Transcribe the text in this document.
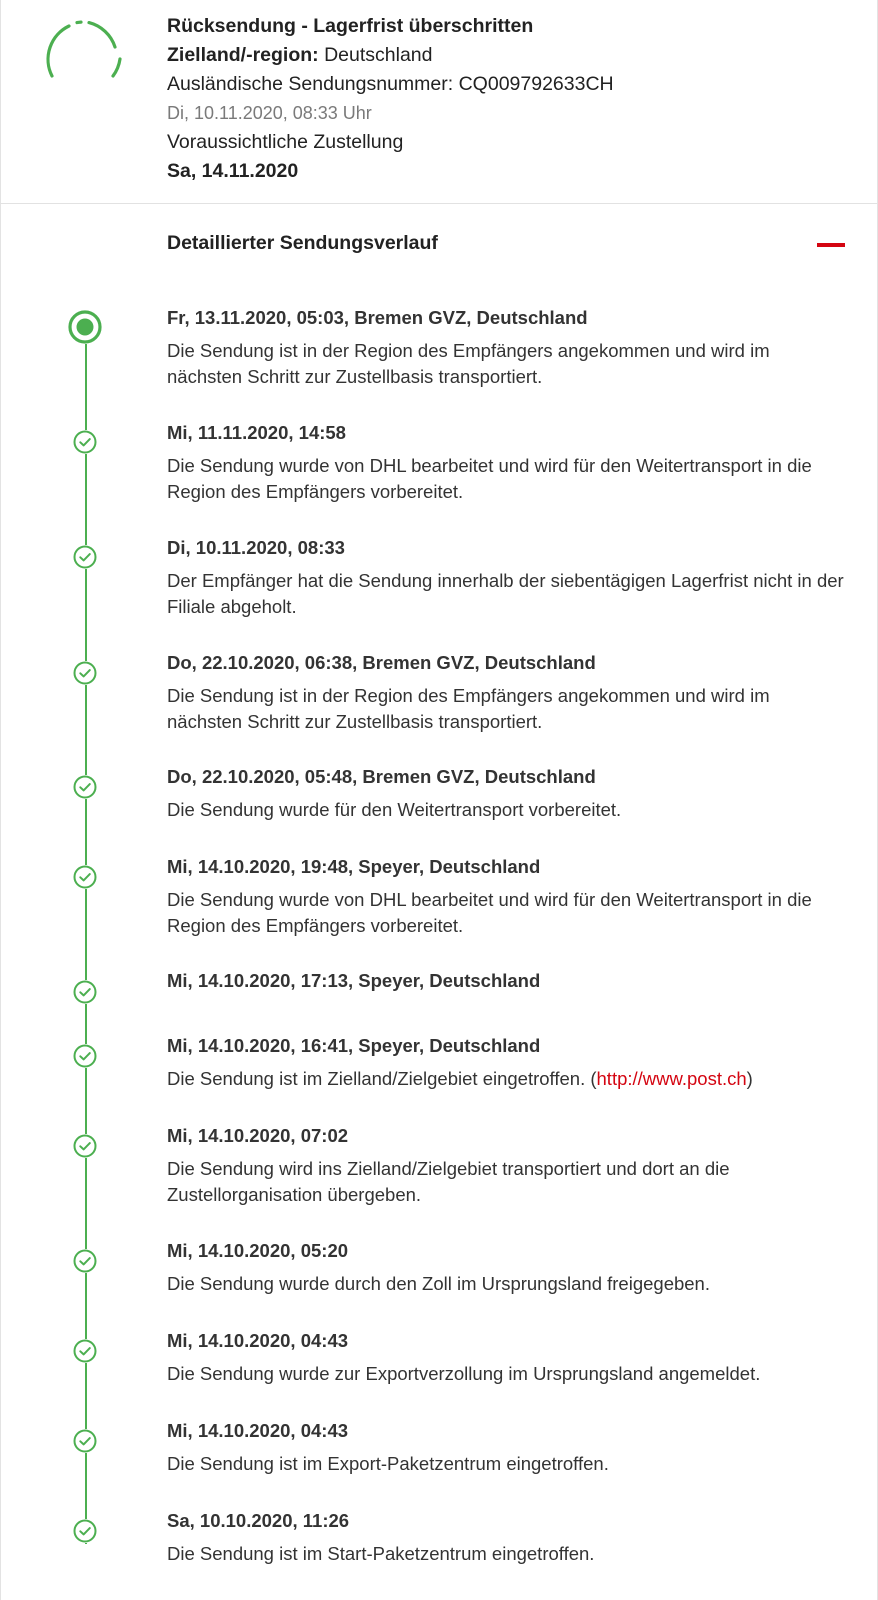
Rücksendung - Lagerfrist überschritten
Zielland/-region: Deutschland
Ausländische Sendungsnummer: CQ009792633CH
Di, 10.11.2020, 08:33 Uhr
Voraussichtliche Zustellung
Sa, 14.11.2020
Detaillierter Sendungsverlauf
Fr, 13.11.2020, 05:03, Bremen GVZ, Deutschland
Die Sendung ist in der Region des Empfängers angekommen und wird im nächsten Schritt zur Zustellbasis transportiert.
Mi, 11.11.2020, 14:58
Die Sendung wurde von DHL bearbeitet und wird für den Weitertransport in die Region des Empfängers vorbereitet.
Di, 10.11.2020, 08:33
Der Empfänger hat die Sendung innerhalb der siebentägigen Lagerfrist nicht in der Filiale abgeholt.
Do, 22.10.2020, 06:38, Bremen GVZ, Deutschland
Die Sendung ist in der Region des Empfängers angekommen und wird im nächsten Schritt zur Zustellbasis transportiert.
Do, 22.10.2020, 05:48, Bremen GVZ, Deutschland
Die Sendung wurde für den Weitertransport vorbereitet.
Mi, 14.10.2020, 19:48, Speyer, Deutschland
Die Sendung wurde von DHL bearbeitet und wird für den Weitertransport in die Region des Empfängers vorbereitet.
Mi, 14.10.2020, 17:13, Speyer, Deutschland
Mi, 14.10.2020, 16:41, Speyer, Deutschland
Die Sendung ist im Zielland/Zielgebiet eingetroffen. (http://www.post.ch)
Mi, 14.10.2020, 07:02
Die Sendung wird ins Zielland/Zielgebiet transportiert und dort an die Zustellorganisation übergeben.
Mi, 14.10.2020, 05:20
Die Sendung wurde durch den Zoll im Ursprungsland freigegeben.
Mi, 14.10.2020, 04:43
Die Sendung wurde zur Exportverzollung im Ursprungsland angemeldet.
Mi, 14.10.2020, 04:43
Die Sendung ist im Export-Paketzentrum eingetroffen.
Sa, 10.10.2020, 11:26
Die Sendung ist im Start-Paketzentrum eingetroffen.
